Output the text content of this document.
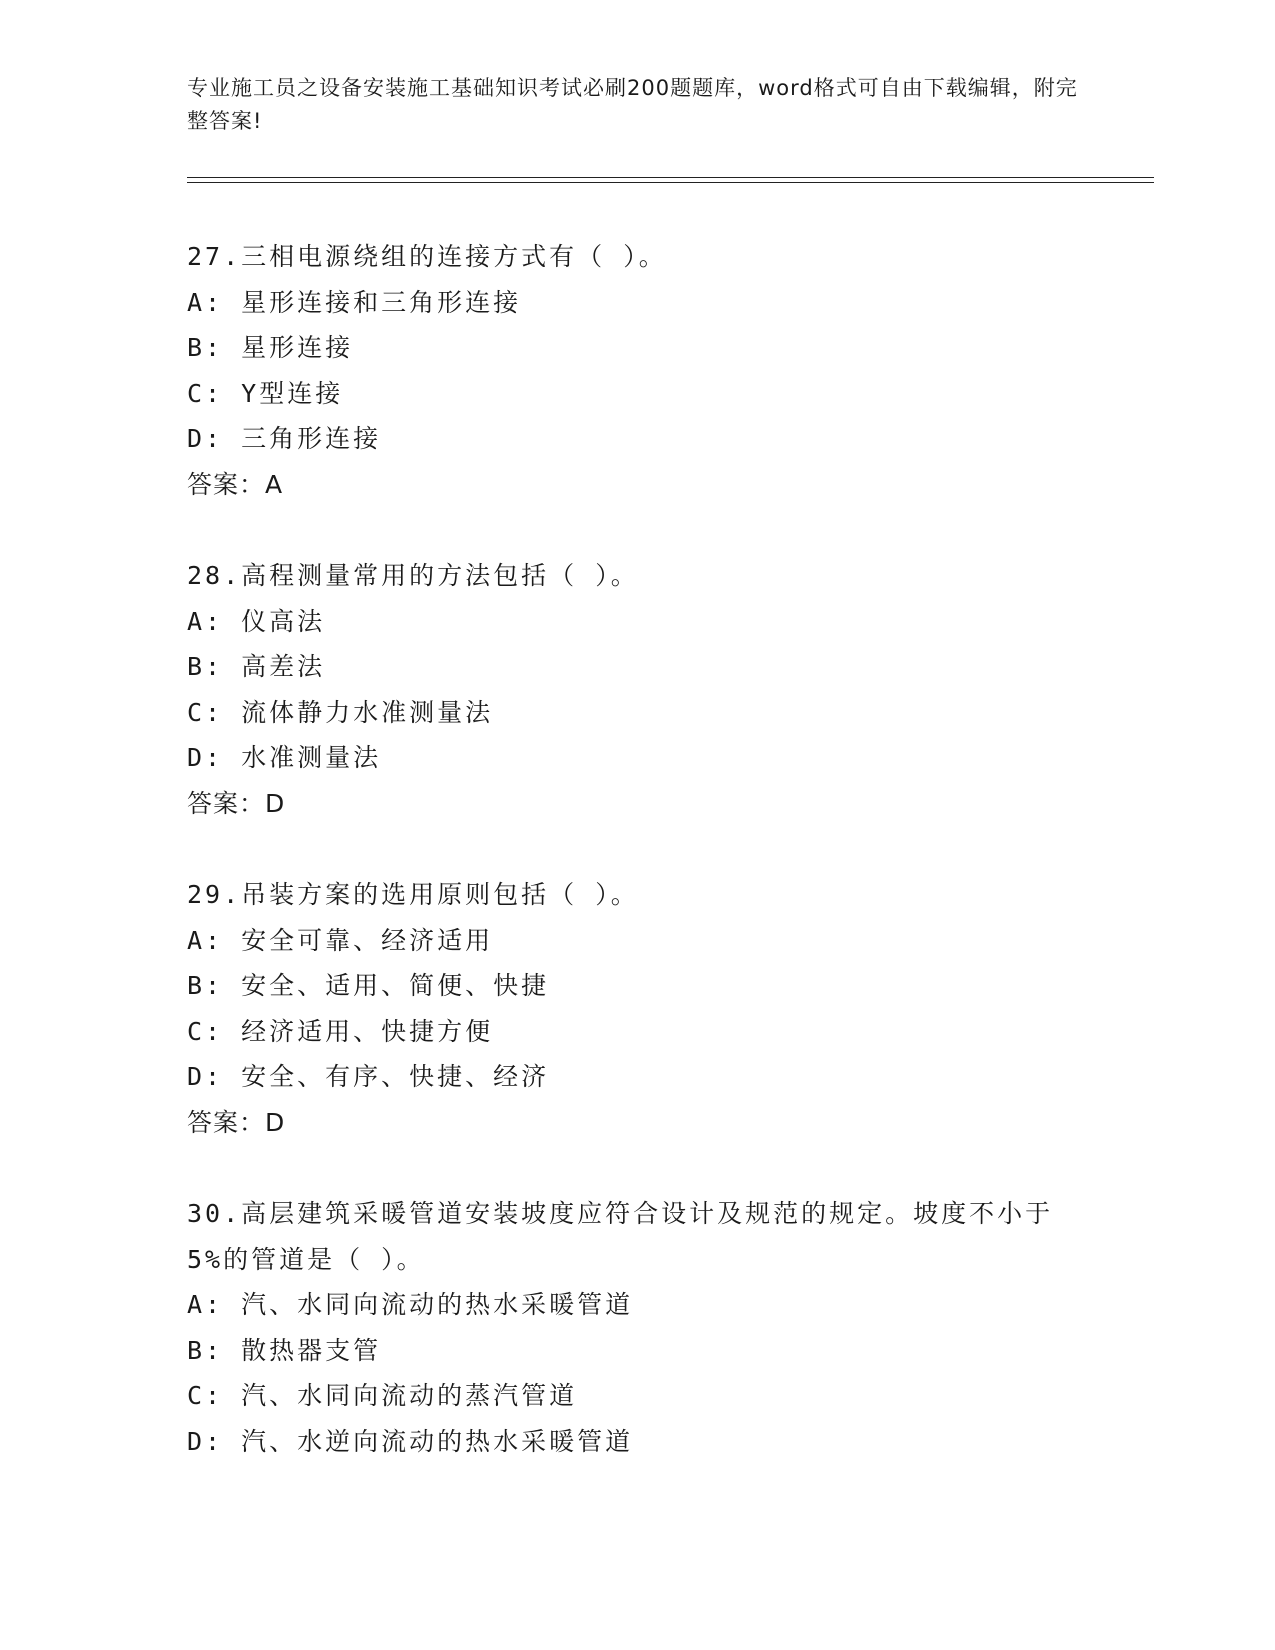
专业施工员之设备安装施工基础知识考试必刷200题题库，word格式可自由下载编辑，附完整答案!
27.三相电源绕组的连接方式有（ ）。
A: 星形连接和三角形连接
B: 星形连接
C: Y型连接
D: 三角形连接
答案：A
28.高程测量常用的方法包括（ ）。
A: 仪高法
B: 高差法
C: 流体静力水准测量法
D: 水准测量法
答案：D
29.吊装方案的选用原则包括（ ）。
A: 安全可靠、经济适用
B: 安全、适用、简便、快捷
C: 经济适用、快捷方便
D: 安全、有序、快捷、经济
答案：D
30.高层建筑采暖管道安装坡度应符合设计及规范的规定。坡度不小于
5%的管道是（ ）。
A: 汽、水同向流动的热水采暖管道
B: 散热器支管
C: 汽、水同向流动的蒸汽管道
D: 汽、水逆向流动的热水采暖管道
